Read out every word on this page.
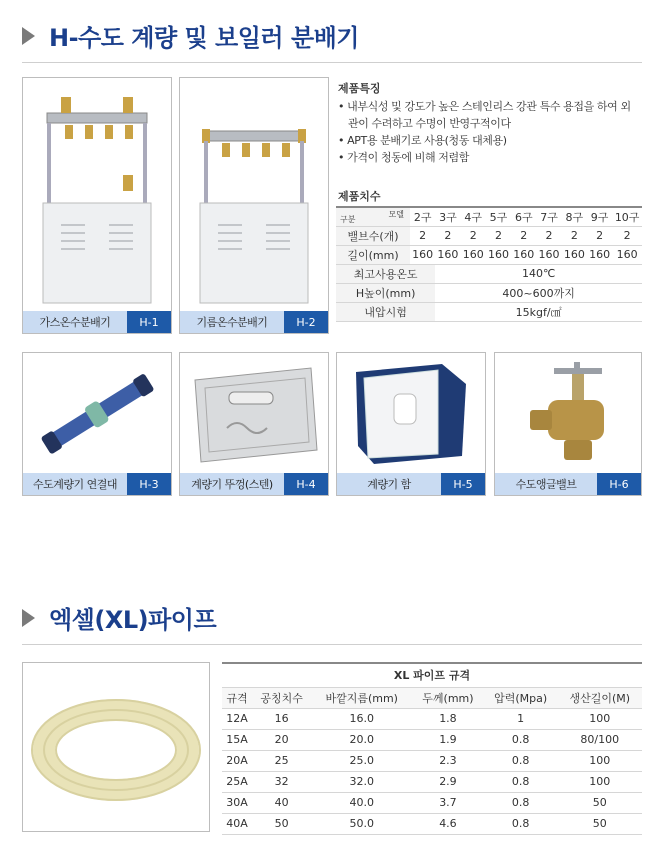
H-수도 계량 및 보일러 분배기
가스온수분배기	H-1	기름온수분배기	H-2
제품특징
• 내부식성 및 강도가 높은 스테인리스 강관 특수 용접을 하여 외관이 수려하고 수명이 반영구적이다
• APT용 분배기로 사용(청동 대체용)
• 가격이 청동에 비해 저렴함
제품치수
모델
구분	2구	3구	4구	5구	6구	7구	8구	9구	10구
밸브수(개)	2	2	2	2	2	2	2	2	2
길이(mm)	160	160	160	160	160	160	160	160	160
최고사용온도		140℃							
H높이(mm)		400~600까지							
내압시험		15kgf/㎠							
수도계량기 연결대	H-3	계량기 뚜껑(스텐)	H-4	계량기 함	H-5	수도앵글밸브	H-6
엑셀(XL)파이프
XL 파이프 규격					
규격	공칭치수	바깥지름(mm)	두께(mm)	압력(Mpa)	생산길이(M)
12A	16	16.0	1.8	1	100
15A	20	20.0	1.9	0.8	80/100
20A	25	25.0	2.3	0.8	100
25A	32	32.0	2.9	0.8	100
30A	40	40.0	3.7	0.8	50
40A	50	50.0	4.6	0.8	50
